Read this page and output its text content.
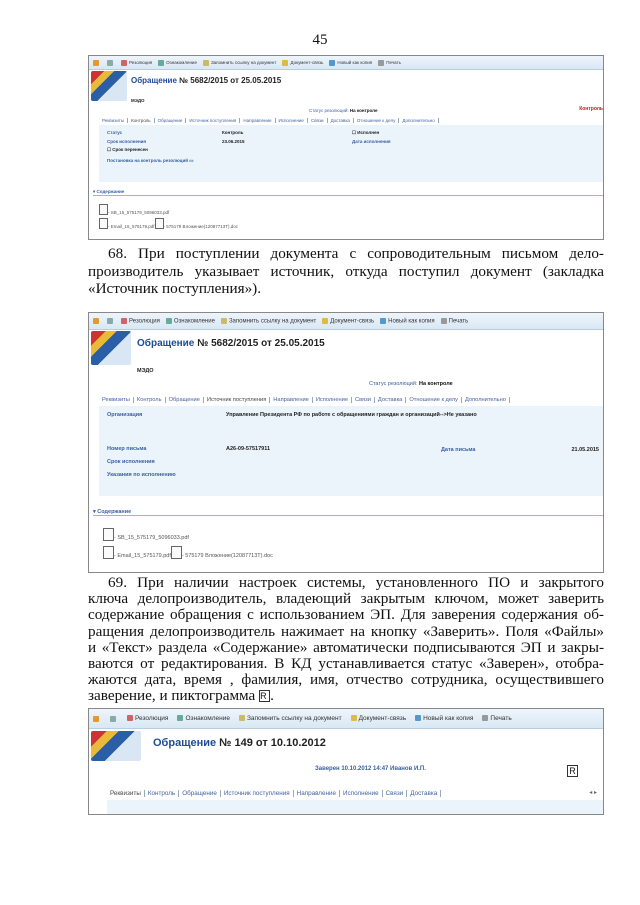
45
Резолюция	Ознакомление	Запомнить ссылку на документ	Документ-связь	Новый как копия	Печать
Обращение № 5682/2015 от 25.05.2015
МЭДО
Статус резолюций: На контроле	Контроль
Реквизиты	Контроль	Обращение	Источник поступления	Направление	Исполнение	Связи	Доставка	Отношение к делу	Дополнительно
Статус	Контроль	☐ Исполнен
Срок исполнения	23.06.2015	Дата исполнения
☐ Срок перенесен
Постановка на контроль резолюций ▭
▾ Содержание
- SB_15_575179_5096033.pdf
- Email_15_575179.pdf - 575179 Вложение(12087713T).doc
68. При поступлении документа с сопроводительным письмом дело-
производитель указывает источник, откуда поступил документ (закладка
«Источник поступления»).
Резолюция	Ознакомление	Запомнить ссылку на документ	Документ-связь	Новый как копия	Печать
Обращение № 5682/2015 от 25.05.2015
МЭДО
Статус резолюций: На контроле
Реквизиты	Контроль	Обращение	Источник поступления	Направление	Исполнение	Связи	Доставка	Отношение к делу	Дополнительно
Организация	Управление Президента РФ по работе с обращениями граждан и организаций-->Не указано
Номер письма	А26-09-57517911	Дата письма	21.05.2015
Срок исполнения
Указания по исполнению
▾ Содержание
- SB_15_575179_5096033.pdf
- Email_15_575179.pdf - 575179 Вложение(12087713T).doc
69. При наличии настроек системы, установленного ПО и закрытого
ключа делопроизводитель, владеющий закрытым ключом, может заверить
содержание обращения с использованием ЭП. Для заверения содержания об-
ращения делопроизводитель нажимает на кнопку «Заверить». Поля «Файлы»
и «Текст» раздела «Содержание» автоматически подписываются ЭП и закры-
ваются от редактирования. В КД устанавливается статус «Заверен», отобра-
жаются дата, время , фамилия, имя, отчество сотрудника, осуществившего
заверение, и пиктограмма R .
Резолюция	Ознакомление	Запомнить ссылку на документ	Документ-связь	Новый как копия	Печать
Обращение № 149 от 10.10.2012
Заверен 10.10.2012 14:47 Иванов И.П.	R
Реквизиты	Контроль	Обращение	Источник поступления	Направление	Исполнение	Связи	Доставка	◂ ▸
